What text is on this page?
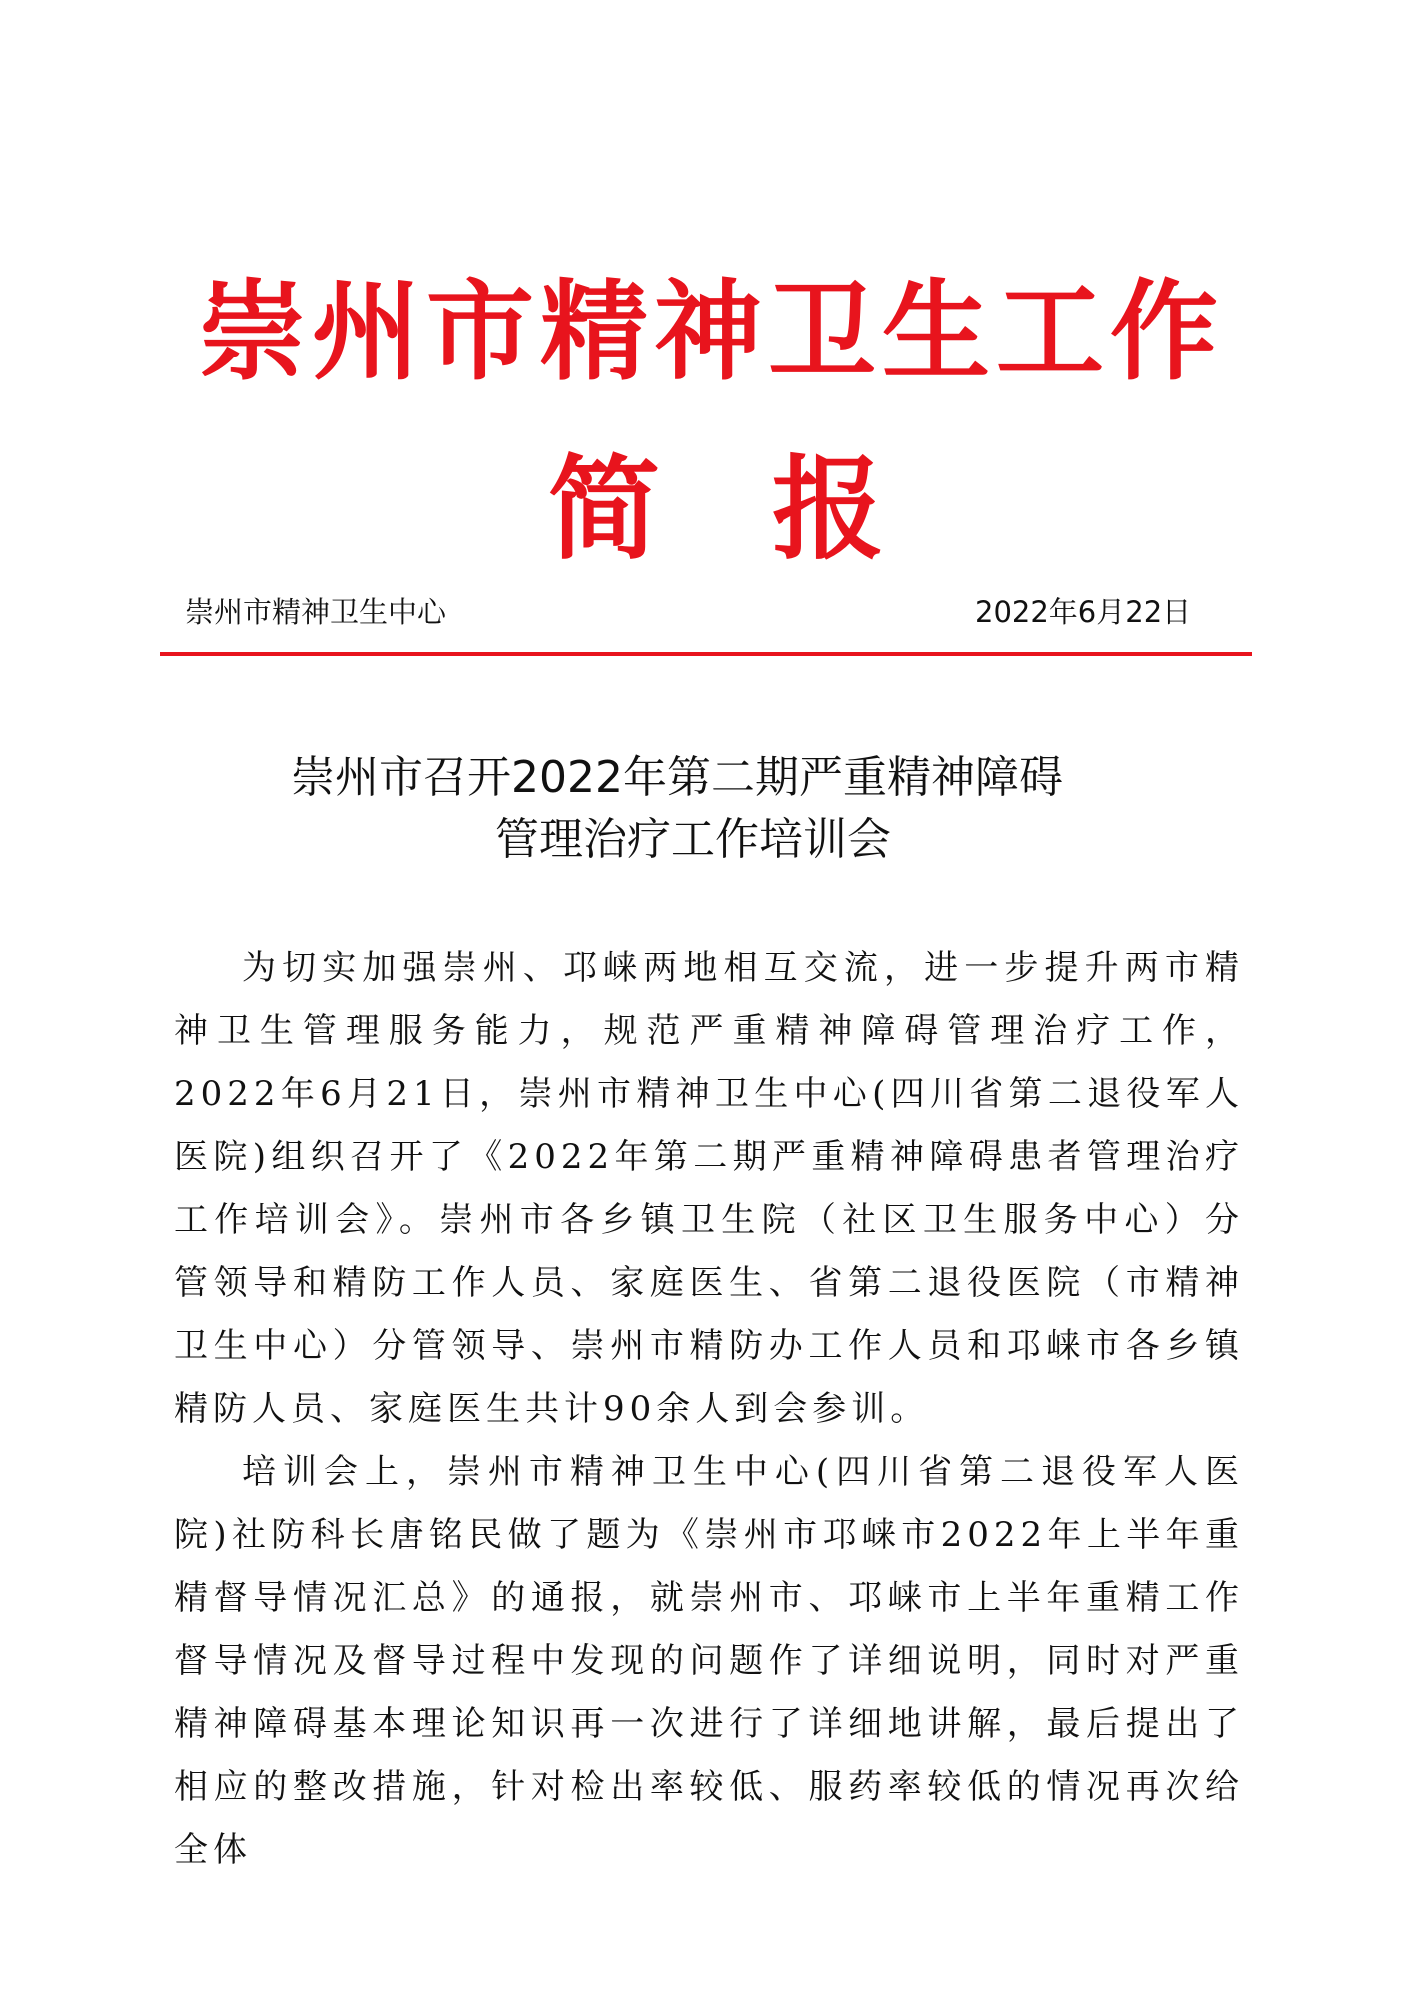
崇州市精神卫生工作
简报
崇州市精神卫生中心	2022年6月22日
崇州市召开2022年第二期严重精神障碍
管理治疗工作培训会

为切实加强崇州、邛崃两地相互交流，进一步提升两市精神卫生管理服务能力，规范严重精神障碍管理治疗工作，2022年6月21日，崇州市精神卫生中心(四川省第二退役军人医院)组织召开了《2022年第二期严重精神障碍患者管理治疗工作培训会》。崇州市各乡镇卫生院（社区卫生服务中心）分管领导和精防工作人员、家庭医生、省第二退役医院（市精神卫生中心）分管领导、崇州市精防办工作人员和邛崃市各乡镇精防人员、家庭医生共计90余人到会参训。

培训会上，崇州市精神卫生中心(四川省第二退役军人医院)社防科长唐铭民做了题为《崇州市邛崃市2022年上半年重精督导情况汇总》的通报，就崇州市、邛崃市上半年重精工作督导情况及督导过程中发现的问题作了详细说明，同时对严重精神障碍基本理论知识再一次进行了详细地讲解，最后提出了相应的整改措施，针对检出率较低、服药率较低的情况再次给全体
